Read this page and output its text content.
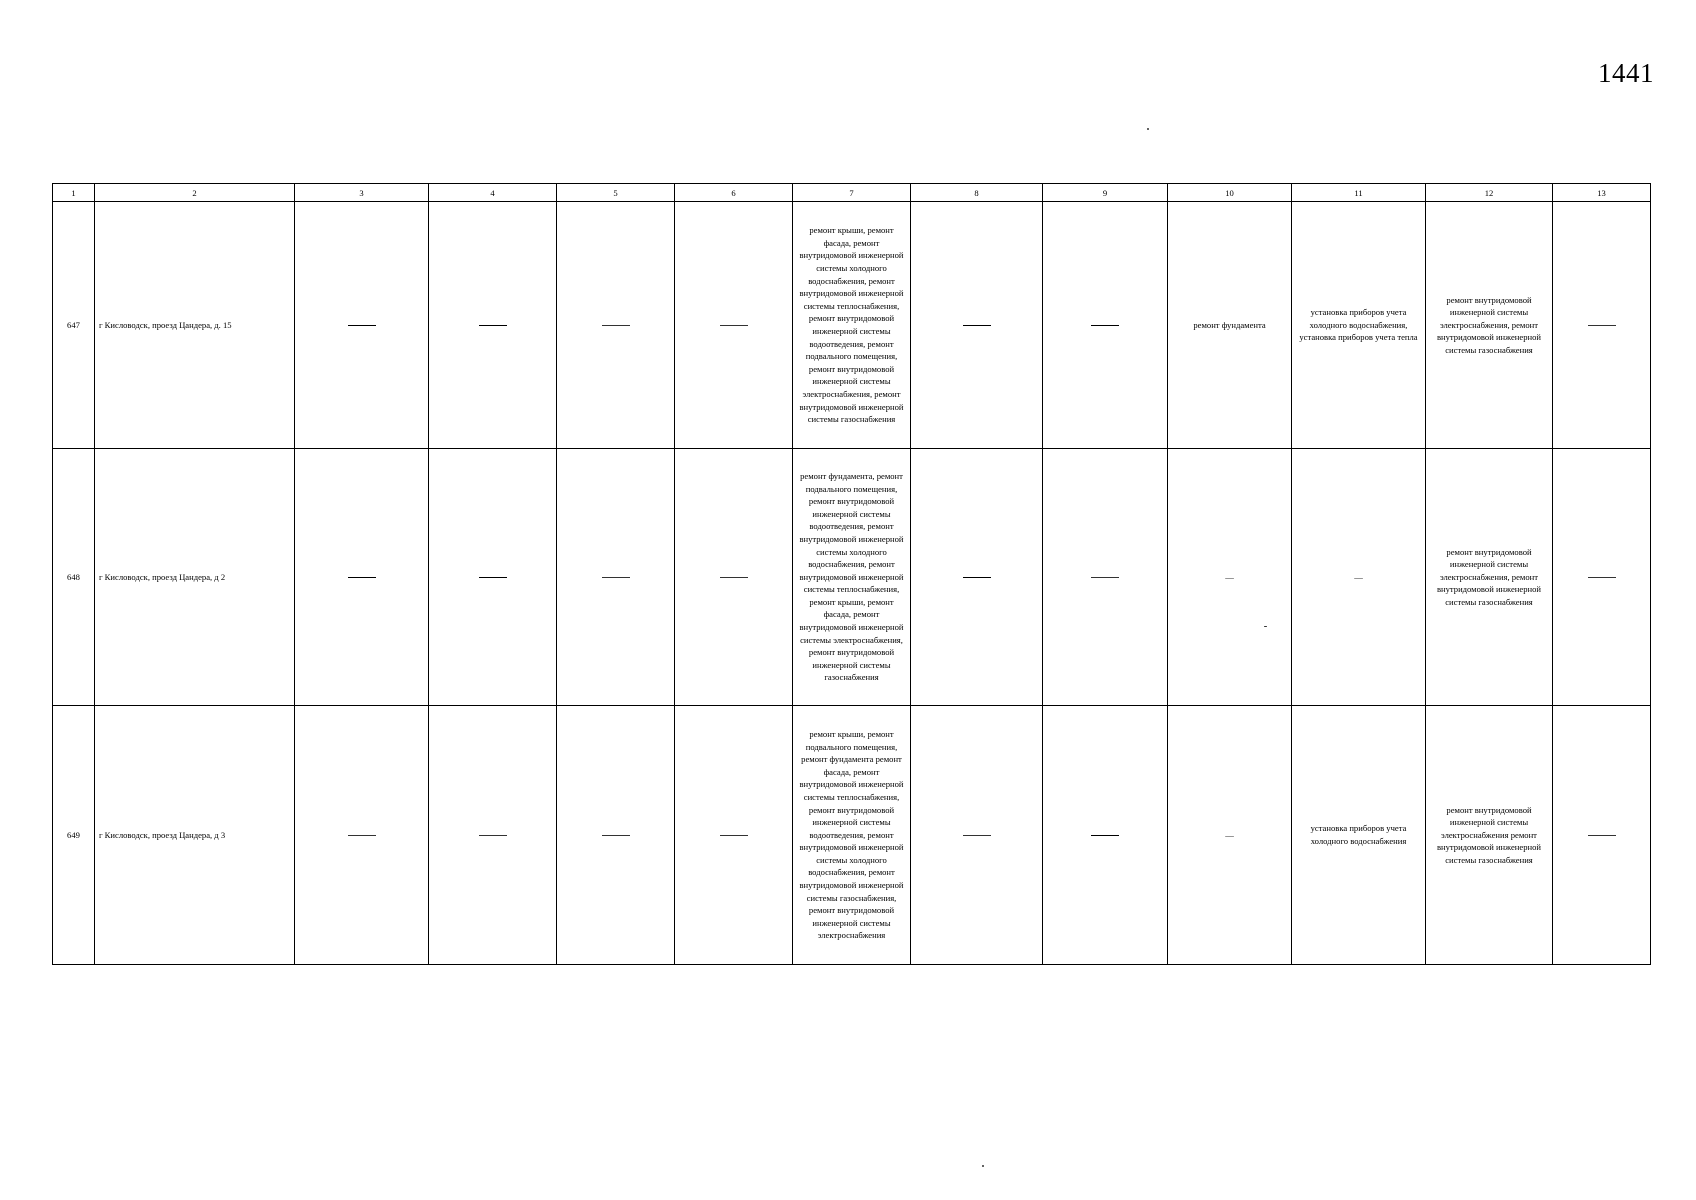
1441
1	2	3	4	5	6	7	8	9	10	11	12	13
647	г Кисловодск, проезд Цандера, д. 15					ремонт крыши, ремонт фасада, ремонт внутридомовой инженерной системы холодного водоснабжения, ремонт внутридомовой инженерной системы теплоснабжения, ремонт внутридомовой инженерной системы водоотведения, ремонт подвального помещения, ремонт внутридомовой инженерной системы электроснабжения, ремонт внутридомовой инженерной системы газоснабжения			ремонт фундамента	установка приборов учета холодного водоснабжения, установка приборов учета тепла	ремонт внутридомовой инженерной системы электроснабжения, ремонт внутридомовой инженерной системы газоснабжения	
648	г Кисловодск, проезд Цандера, д 2					ремонт фундамента, ремонт подвального помещения, ремонт внутридомовой инженерной системы водоотведения, ремонт внутридомовой инженерной системы холодного водоснабжения, ремонт внутридомовой инженерной системы теплоснабжения, ремонт крыши, ремонт фасада, ремонт внутридомовой инженерной системы электроснабжения, ремонт внутридомовой инженерной системы газоснабжения			—	—	ремонт внутридомовой инженерной системы электроснабжения, ремонт внутридомовой инженерной системы газоснабжения	
649	г Кисловодск, проезд Цандера, д 3					ремонт крыши, ремонт подвального помещения, ремонт фундамента ремонт фасада, ремонт внутридомовой инженерной системы теплоснабжения, ремонт внутридомовой инженерной системы водоотведения, ремонт внутридомовой инженерной системы холодного водоснабжения, ремонт внутридомовой инженерной системы газоснабжения, ремонт внутридомовой инженерной системы электроснабжения			—	установка приборов учета холодного водоснабжения	ремонт внутридомовой инженерной системы электроснабжения ремонт внутридомовой инженерной системы газоснабжения	
